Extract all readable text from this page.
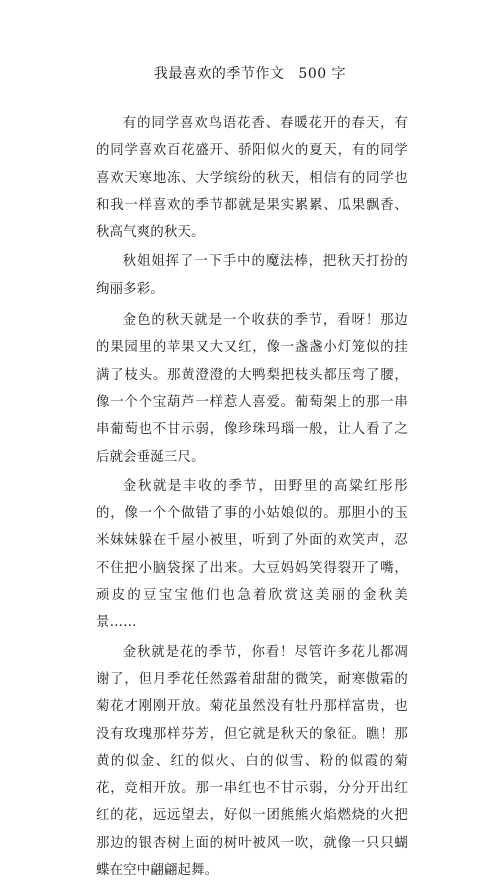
我最喜欢的季节作文 500 字

有的同学喜欢鸟语花香、春暖花开的春天，有的同学喜欢百花盛开、骄阳似火的夏天，有的同学喜欢天寒地冻、大学缤纷的秋天，相信有的同学也和我一样喜欢的季节都就是果实累累、瓜果飘香、秋高气爽的秋天。

秋姐姐挥了一下手中的魔法棒，把秋天打扮的绚丽多彩。

金色的秋天就是一个收获的季节，看呀！那边的果园里的苹果又大又红，像一盏盏小灯笼似的挂满了枝头。那黄澄澄的大鸭梨把枝头都压弯了腰，像一个个宝葫芦一样惹人喜爱。葡萄架上的那一串串葡萄也不甘示弱，像珍珠玛瑙一般，让人看了之后就会垂涎三尺。

金秋就是丰收的季节，田野里的高粱红彤彤的，像一个个做错了事的小姑娘似的。那胆小的玉米妹妹躲在千屋小被里，听到了外面的欢笑声，忍不住把小脑袋探了出来。大豆妈妈笑得裂开了嘴，顽皮的豆宝宝他们也急着欣赏这美丽的金秋美景……

金秋就是花的季节，你看！尽管许多花儿都凋谢了，但月季花任然露着甜甜的微笑，耐寒傲霜的菊花才刚刚开放。菊花虽然没有牡丹那样富贵，也没有玫瑰那样芬芳，但它就是秋天的象征。瞧！那黄的似金、红的似火、白的似雪、粉的似霞的菊花，竞相开放。那一串红也不甘示弱，分分开出红红的花，远远望去，好似一团熊熊火焰燃烧的火把那边的银杏树上面的树叶被风一吹，就像一只只蝴蝶在空中翩翩起舞。
